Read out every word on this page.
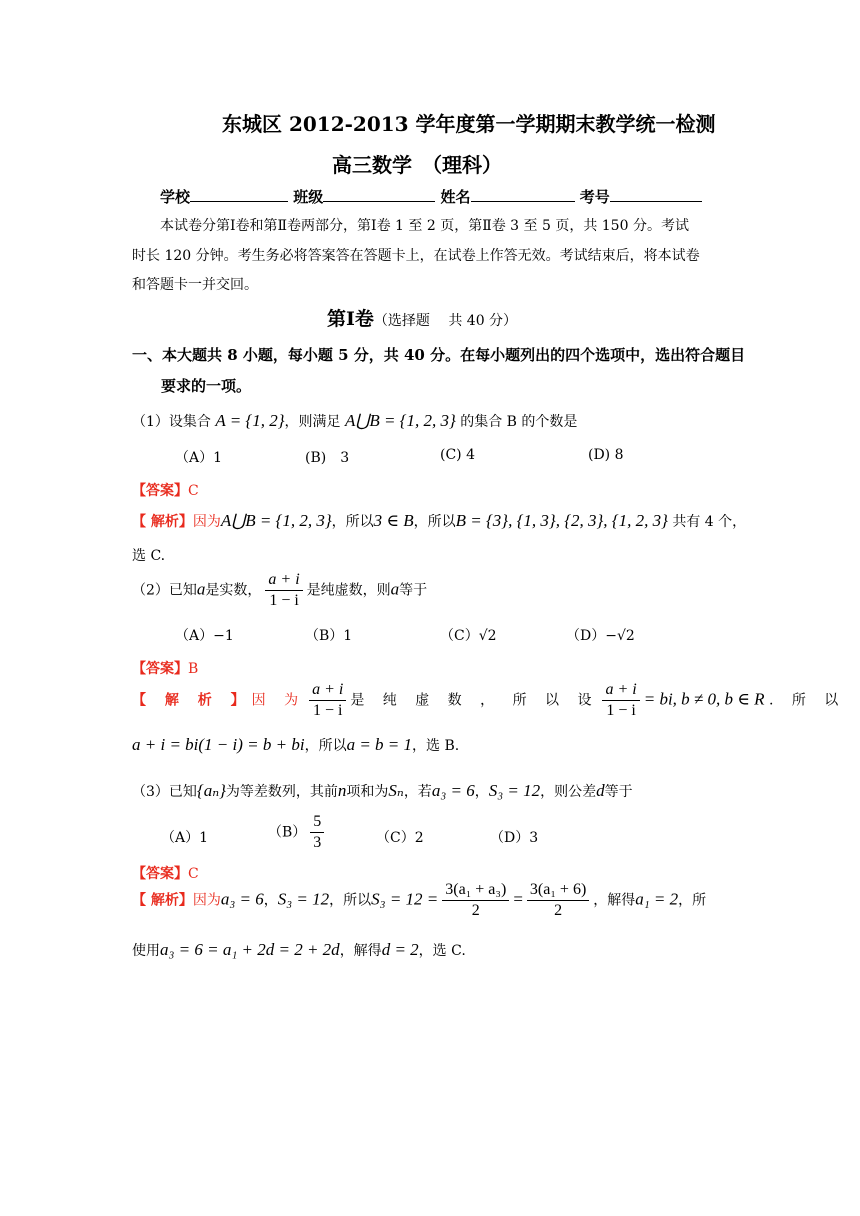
东城区 2012-2013 学年度第一学期期末教学统一检测
高三数学　（理科）
学校	班级	姓名	考号
本试卷分第Ⅰ卷和第Ⅱ卷两部分，第Ⅰ卷 1 至 2 页，第Ⅱ卷 3 至 5 页，共 150 分。考试
时长 120 分钟。考生务必将答案答在答题卡上，在试卷上作答无效。考试结束后，将本试卷
和答题卡一并交回。
第Ⅰ卷（选择题　 共 40 分）
一、本大题共 8 小题，每小题 5 分，共 40 分。在每小题列出的四个选项中，选出符合题目
要求的一项。
（1）设集合 A = {1, 2}，则满足 A⋃B = {1, 2, 3} 的集合 B 的个数是
（A）1	(B)　3	(C) 4	(D) 8
【答案】C
【 解析】因为A⋃B = {1, 2, 3}，所以3 ∈ B，所以B = {3}, {1, 3}, {2, 3}, {1, 2, 3} 共有 4 个，
选 C.
（2）已知a是实数， $\frac{a + i}{1 - i}$ 是纯虚数，则a等于
（A）−1	（B）1	（C）√2	（D）−√2
【答案】B
【 解 析 】因 为 $\frac{a + i}{1 - i}$ 是 纯 虚 数 ， 所 以 设 $\frac{a + i}{1 - i}$ = bi, b ≠ 0, b ∈ R . 所 以
a + i = bi(1 − i) = b + bi，所以a = b = 1，选 B.
（3）已知{aₙ}为等差数列，其前n项和为Sₙ，若a₃ = 6，S₃ = 12，则公差d等于
（A）1	$(B) \frac{5}{3}$	（C）2	（D）3
【答案】C
【 解析】因为a₃ = 6，S₃ = 12，所以$S_3 = 12 = \frac{\text{3(a₁ + a₃)}}{2} = \frac{\text{3(a₁ + 6)}}{2}$ ，解得a₁ = 2，所
使用a₃ = 6 = a₁ + 2d = 2 + 2d，解得d = 2，选 C.
